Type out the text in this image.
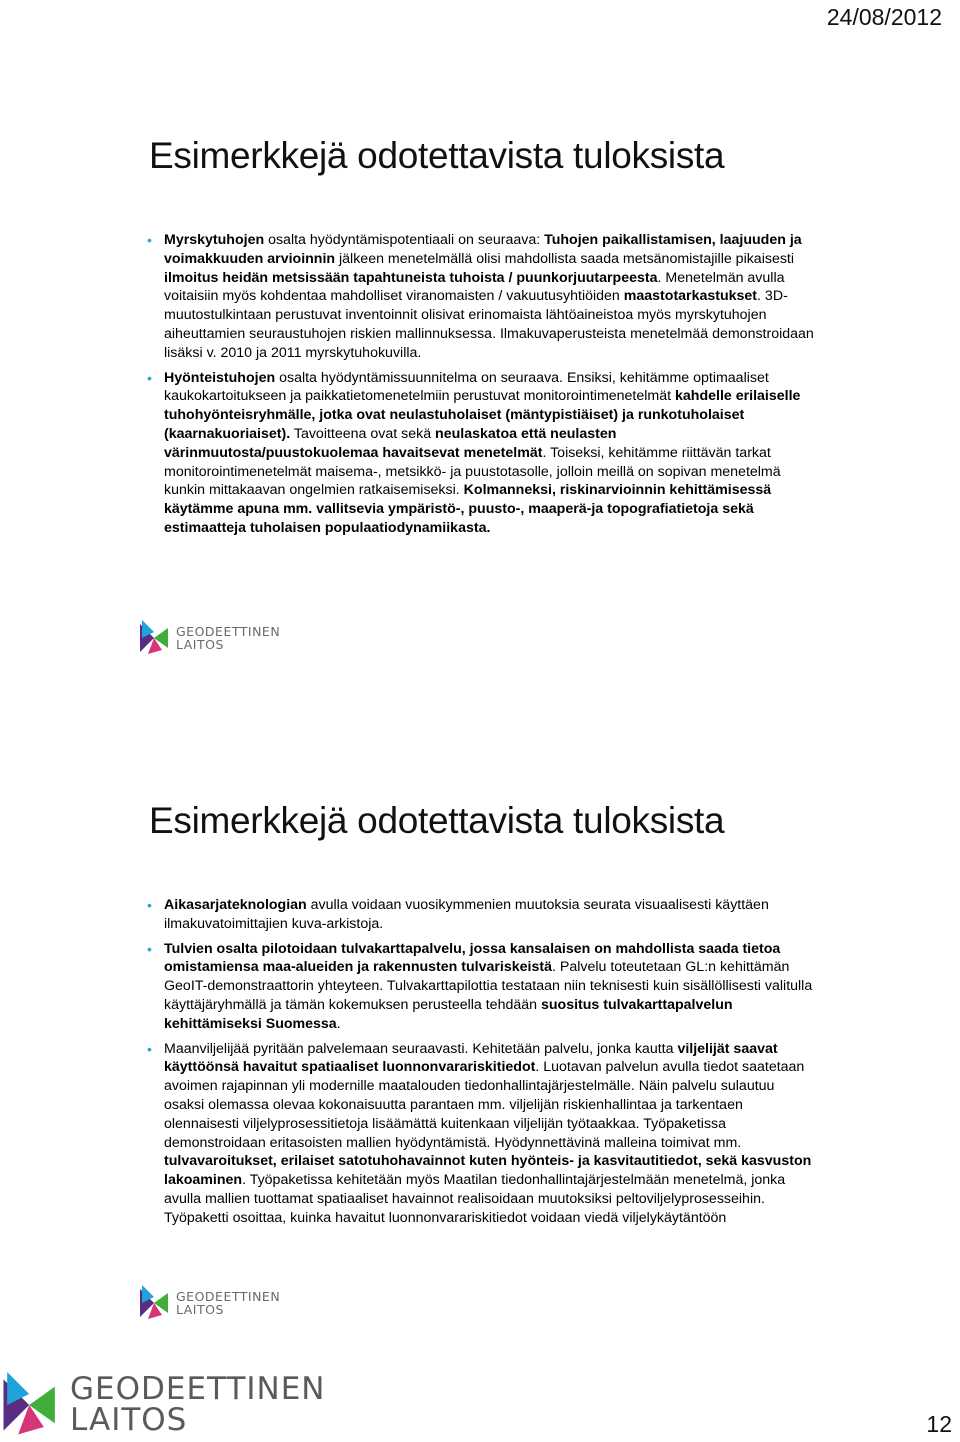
24/08/2012
Esimerkkejä odotettavista tuloksista
• Myrskytuhojen osalta hyödyntämispotentiaali on seuraava: Tuhojen paikallistamisen, laajuuden ja voimakkuuden arvioinnin jälkeen menetelmällä olisi mahdollista saada metsänomistajille pikaisesti ilmoitus heidän metsissään tapahtuneista tuhoista / puunkorjuutarpeesta. Menetelmän avulla voitaisiin myös kohdentaa mahdolliset viranomaisten / vakuutusyhtiöiden maastotarkastukset. 3D-muutostulkintaan perustuvat inventoinnit olisivat erinomaista lähtöaineistoa myös myrskytuhojen aiheuttamien seuraustuhojen riskien mallinnuksessa. Ilmakuvaperusteista menetelmää demonstroidaan lisäksi v. 2010 ja 2011 myrskytuhokuvilla.
• Hyönteistuhojen osalta hyödyntämissuunnitelma on seuraava. Ensiksi, kehitämme optimaaliset kaukokartoitukseen ja paikkatietomenetelmiin perustuvat monitorointimenetelmät kahdelle erilaiselle tuhohyönteisryhmälle, jotka ovat neulastuholaiset (mäntypistiäiset) ja runkotuholaiset (kaarnakuoriaiset). Tavoitteena ovat sekä neulaskatoa että neulasten värinmuutosta/puustokuolemaa havaitsevat menetelmät. Toiseksi, kehitämme riittävän tarkat monitorointimenetelmät maisema-, metsikkö- ja puustotasolle, jolloin meillä on sopivan menetelmä kunkin mittakaavan ongelmien ratkaisemiseksi. Kolmanneksi, riskinarvioinnin kehittämisessä käytämme apuna mm. vallitsevia ympäristö-, puusto-, maaperä-ja topografiatietoja sekä estimaatteja tuholaisen populaatiodynamiikasta.
GEODEETTINEN
LAITOS
Esimerkkejä odotettavista tuloksista
• Aikasarjateknologian avulla voidaan vuosikymmenien muutoksia seurata visuaalisesti käyttäen ilmakuvatoimittajien kuva-arkistoja.
• Tulvien osalta pilotoidaan tulvakarttapalvelu, jossa kansalaisen on mahdollista saada tietoa omistamiensa maa-alueiden ja rakennusten tulvariskeistä. Palvelu toteutetaan GL:n kehittämän GeoIT-demonstraattorin yhteyteen. Tulvakarttapilottia testataan niin teknisesti kuin sisällöllisesti valitulla käyttäjäryhmällä ja tämän kokemuksen perusteella tehdään suositus tulvakarttapalvelun kehittämiseksi Suomessa.
• Maanviljelijää pyritään palvelemaan seuraavasti. Kehitetään palvelu, jonka kautta viljelijät saavat käyttöönsä havaitut spatiaaliset luonnonvarariskitiedot. Luotavan palvelun avulla tiedot saatetaan avoimen rajapinnan yli modernille maatalouden tiedonhallintajärjestelmälle. Näin palvelu sulautuu osaksi olemassa olevaa kokonaisuutta parantaen mm. viljelijän riskienhallintaa ja tarkentaen olennaisesti viljelyprosessitietoja lisäämättä kuitenkaan viljelijän työtaakkaa. Työpaketissa demonstroidaan eritasoisten mallien hyödyntämistä. Hyödynnettävinä malleina toimivat mm. tulvavaroitukset, erilaiset satotuhohavainnot kuten hyönteis- ja kasvitautitiedot, sekä kasvuston lakoaminen. Työpaketissa kehitetään myös Maatilan tiedonhallintajärjestelmään menetelmä, jonka avulla mallien tuottamat spatiaaliset havainnot realisoidaan muutoksiksi peltoviljelyprosesseihin. Työpaketti osoittaa, kuinka havaitut luonnonvarariskitiedot voidaan viedä viljelykäytäntöön
GEODEETTINEN
LAITOS
GEODEETTINEN
LAITOS	12
